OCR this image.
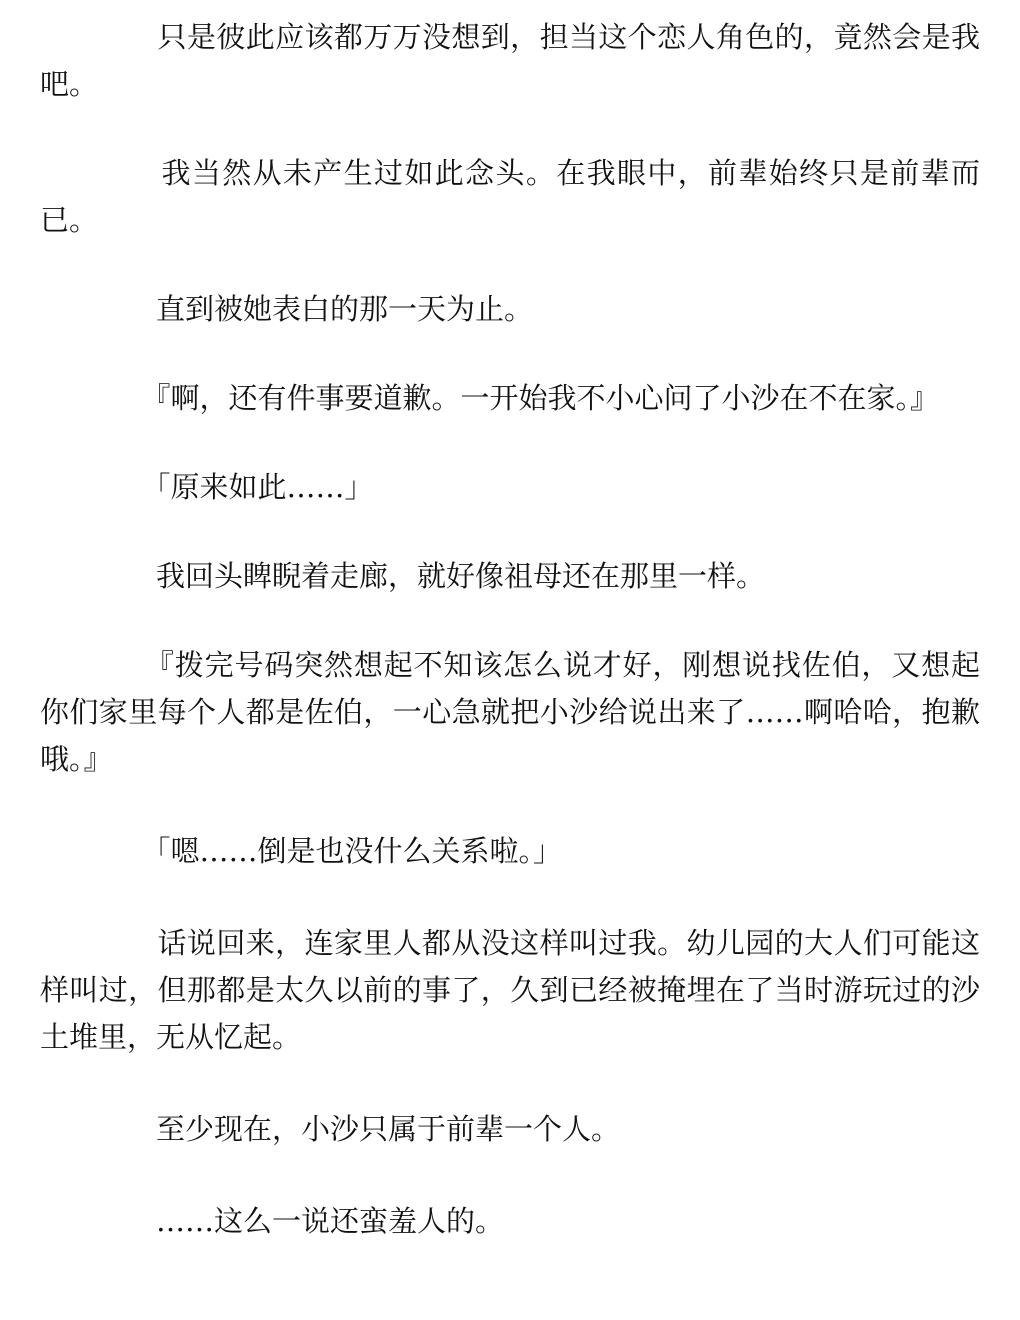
　　　　只是彼此应该都万万没想到，担当这个恋人角色的，竟然会是我吧。

　　　　我当然从未产生过如此念头。在我眼中，前辈始终只是前辈而已。

　　　　直到被她表白的那一天为止。

　　　　『啊，还有件事要道歉。一开始我不小心问了小沙在不在家。』

　　　　「原来如此……」

　　　　我回头睥睨着走廊，就好像祖母还在那里一样。

　　　　『拨完号码突然想起不知该怎么说才好，刚想说找佐伯，又想起你们家里每个人都是佐伯，一心急就把小沙给说出来了……啊哈哈，抱歉哦。』

　　　　「嗯……倒是也没什么关系啦。」

　　　　话说回来，连家里人都从没这样叫过我。幼儿园的大人们可能这样叫过，但那都是太久以前的事了，久到已经被掩埋在了当时游玩过的沙土堆里，无从忆起。

　　　　至少现在，小沙只属于前辈一个人。

　　　　……这么一说还蛮羞人的。
